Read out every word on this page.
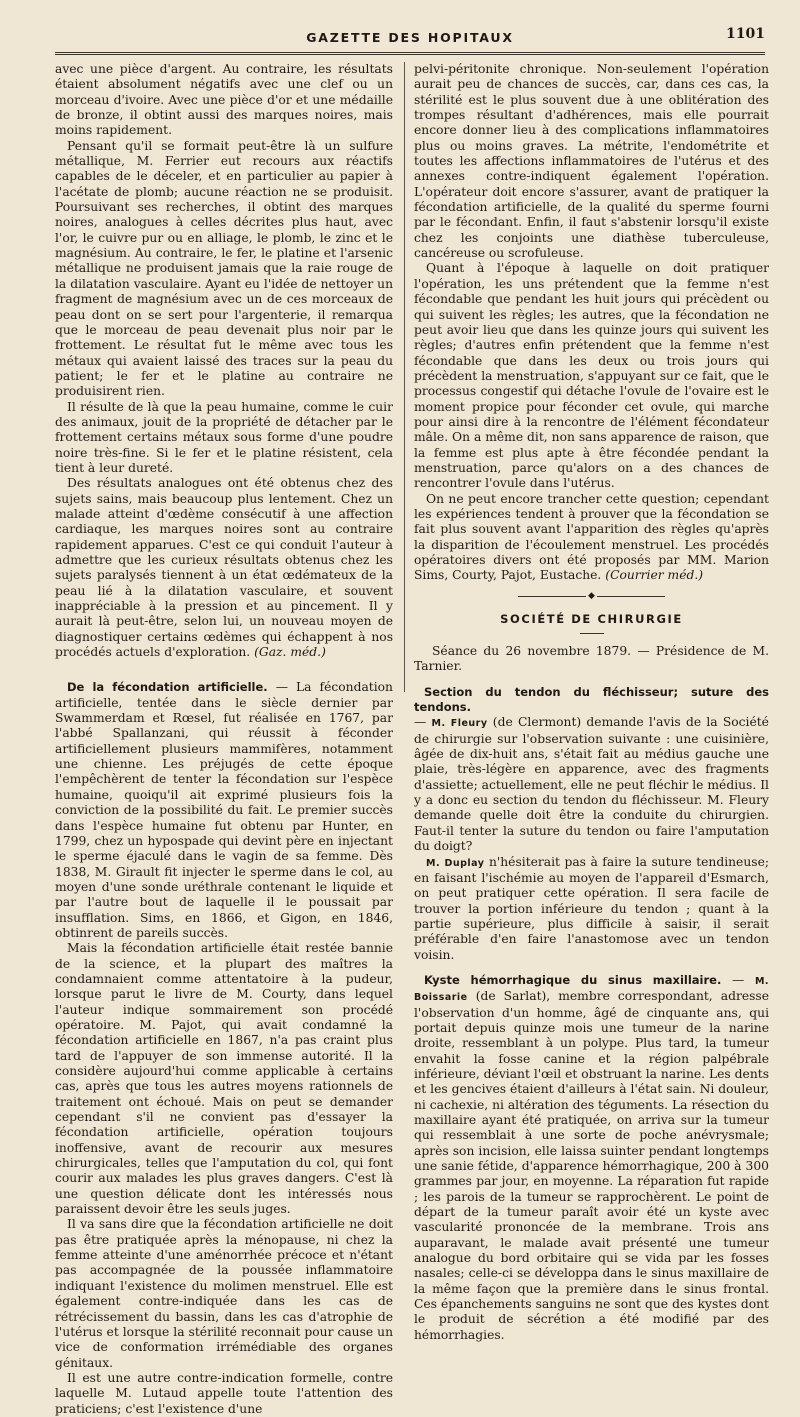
GAZETTE DES HOPITAUX	1101

avec une pièce d'argent. Au contraire, les résultats étaient absolument négatifs avec une clef ou un morceau d'ivoire. Avec une pièce d'or et une médaille de bronze, il obtint aussi des marques noires, mais moins rapidement.

Pensant qu'il se formait peut-être là un sulfure métallique, M. Ferrier eut recours aux réactifs capables de le déceler, et en particulier au papier à l'acétate de plomb; aucune réaction ne se produisit. Poursuivant ses recherches, il obtint des marques noires, analogues à celles décrites plus haut, avec l'or, le cuivre pur ou en alliage, le plomb, le zinc et le magnésium. Au contraire, le fer, le platine et l'arsenic métallique ne produisent jamais que la raie rouge de la dilatation vasculaire. Ayant eu l'idée de nettoyer un fragment de magnésium avec un de ces morceaux de peau dont on se sert pour l'argenterie, il remarqua que le morceau de peau devenait plus noir par le frottement. Le résultat fut le même avec tous les métaux qui avaient laissé des traces sur la peau du patient; le fer et le platine au contraire ne produisirent rien.

Il résulte de là que la peau humaine, comme le cuir des animaux, jouit de la propriété de détacher par le frottement certains métaux sous forme d'une poudre noire très-fine. Si le fer et le platine résistent, cela tient à leur dureté.

Des résultats analogues ont été obtenus chez des sujets sains, mais beaucoup plus lentement. Chez un malade atteint d'œdème consécutif à une affection cardiaque, les marques noires sont au contraire rapidement apparues. C'est ce qui conduit l'auteur à admettre que les curieux résultats obtenus chez les sujets paralysés tiennent à un état œdémateux de la peau lié à la dilatation vasculaire, et souvent inappréciable à la pression et au pincement. Il y aurait là peut-être, selon lui, un nouveau moyen de diagnostiquer certains œdèmes qui échappent à nos procédés actuels d'exploration. (Gaz. méd.)

De la fécondation artificielle. — La fécondation artificielle, tentée dans le siècle dernier par Swammerdam et Rœsel, fut réalisée en 1767, par l'abbé Spallanzani, qui réussit à féconder artificiellement plusieurs mammifères, notamment une chienne. Les préjugés de cette époque l'empêchèrent de tenter la fécondation sur l'espèce humaine, quoiqu'il ait exprimé plusieurs fois la conviction de la possibilité du fait. Le premier succès dans l'espèce humaine fut obtenu par Hunter, en 1799, chez un hypospade qui devint père en injectant le sperme éjaculé dans le vagin de sa femme. Dès 1838, M. Girault fit injecter le sperme dans le col, au moyen d'une sonde uréthrale contenant le liquide et par l'autre bout de laquelle il le poussait par insufflation. Sims, en 1866, et Gigon, en 1846, obtinrent de pareils succès.

Mais la fécondation artificielle était restée bannie de la science, et la plupart des maîtres la condamnaient comme attentatoire à la pudeur, lorsque parut le livre de M. Courty, dans lequel l'auteur indique sommairement son procédé opératoire. M. Pajot, qui avait condamné la fécondation artificielle en 1867, n'a pas craint plus tard de l'appuyer de son immense autorité. Il la considère aujourd'hui comme applicable à certains cas, après que tous les autres moyens rationnels de traitement ont échoué. Mais on peut se demander cependant s'il ne convient pas d'essayer la fécondation artificielle, opération toujours inoffensive, avant de recourir aux mesures chirurgicales, telles que l'amputation du col, qui font courir aux malades les plus graves dangers. C'est là une question délicate dont les intéressés nous paraissent devoir être les seuls juges.

Il va sans dire que la fécondation artificielle ne doit pas être pratiquée après la ménopause, ni chez la femme atteinte d'une aménorrhée précoce et n'étant pas accompagnée de la poussée inflammatoire indiquant l'existence du molimen menstruel. Elle est également contre-indiquée dans les cas de rétrécissement du bassin, dans les cas d'atrophie de l'utérus et lorsque la stérilité reconnait pour cause un vice de conformation irrémédiable des organes génitaux.

Il est une autre contre-indication formelle, contre laquelle M. Lutaud appelle toute l'attention des praticiens; c'est l'existence d'une

pelvi-péritonite chronique. Non-seulement l'opération aurait peu de chances de succès, car, dans ces cas, la stérilité est le plus souvent due à une oblitération des trompes résultant d'adhérences, mais elle pourrait encore donner lieu à des complications inflammatoires plus ou moins graves. La métrite, l'endométrite et toutes les affections inflammatoires de l'utérus et des annexes contre-indiquent également l'opération. L'opérateur doit encore s'assurer, avant de pratiquer la fécondation artificielle, de la qualité du sperme fourni par le fécondant. Enfin, il faut s'abstenir lorsqu'il existe chez les conjoints une diathèse tuberculeuse, cancéreuse ou scrofuleuse.

Quant à l'époque à laquelle on doit pratiquer l'opération, les uns prétendent que la femme n'est fécondable que pendant les huit jours qui précèdent ou qui suivent les règles; les autres, que la fécondation ne peut avoir lieu que dans les quinze jours qui suivent les règles; d'autres enfin prétendent que la femme n'est fécondable que dans les deux ou trois jours qui précèdent la menstruation, s'appuyant sur ce fait, que le processus congestif qui détache l'ovule de l'ovaire est le moment propice pour féconder cet ovule, qui marche pour ainsi dire à la rencontre de l'élément fécondateur mâle. On a même dit, non sans apparence de raison, que la femme est plus apte à être fécondée pendant la menstruation, parce qu'alors on a des chances de rencontrer l'ovule dans l'utérus.

On ne peut encore trancher cette question; cependant les expériences tendent à prouver que la fécondation se fait plus souvent avant l'apparition des règles qu'après la disparition de l'écoulement menstruel. Les procédés opératoires divers ont été proposés par MM. Marion Sims, Courty, Pajot, Eustache. (Courrier méd.)

◆
SOCIÉTÉ DE CHIRURGIE

Séance du 26 novembre 1879. — Présidence de M. Tarnier.

Section du tendon du fléchisseur; suture des tendons.

— M. Fleury (de Clermont) demande l'avis de la Société de chirurgie sur l'observation suivante : une cuisinière, âgée de dix-huit ans, s'était fait au médius gauche une plaie, très-légère en apparence, avec des fragments d'assiette; actuellement, elle ne peut fléchir le médius. Il y a donc eu section du tendon du fléchisseur. M. Fleury demande quelle doit être la conduite du chirurgien. Faut-il tenter la suture du tendon ou faire l'amputation du doigt?

M. Duplay n'hésiterait pas à faire la suture tendineuse; en faisant l'ischémie au moyen de l'appareil d'Esmarch, on peut pratiquer cette opération. Il sera facile de trouver la portion inférieure du tendon ; quant à la partie supérieure, plus difficile à saisir, il serait préférable d'en faire l'anastomose avec un tendon voisin.

Kyste hémorrhagique du sinus maxillaire. — M. Boissarie (de Sarlat), membre correspondant, adresse l'observation d'un homme, âgé de cinquante ans, qui portait depuis quinze mois une tumeur de la narine droite, ressemblant à un polype. Plus tard, la tumeur envahit la fosse canine et la région palpébrale inférieure, déviant l'œil et obstruant la narine. Les dents et les gencives étaient d'ailleurs à l'état sain. Ni douleur, ni cachexie, ni altération des téguments. La résection du maxillaire ayant été pratiquée, on arriva sur la tumeur qui ressemblait à une sorte de poche anévrysmale; après son incision, elle laissa suinter pendant longtemps une sanie fétide, d'apparence hémorrhagique, 200 à 300 grammes par jour, en moyenne. La réparation fut rapide ; les parois de la tumeur se rapprochèrent. Le point de départ de la tumeur paraît avoir été un kyste avec vascularité prononcée de la membrane. Trois ans auparavant, le malade avait présenté une tumeur analogue du bord orbitaire qui se vida par les fosses nasales; celle-ci se développa dans le sinus maxillaire de la même façon que la première dans le sinus frontal. Ces épanchements sanguins ne sont que des kystes dont le produit de sécrétion a été modifié par des hémorrhagies.
